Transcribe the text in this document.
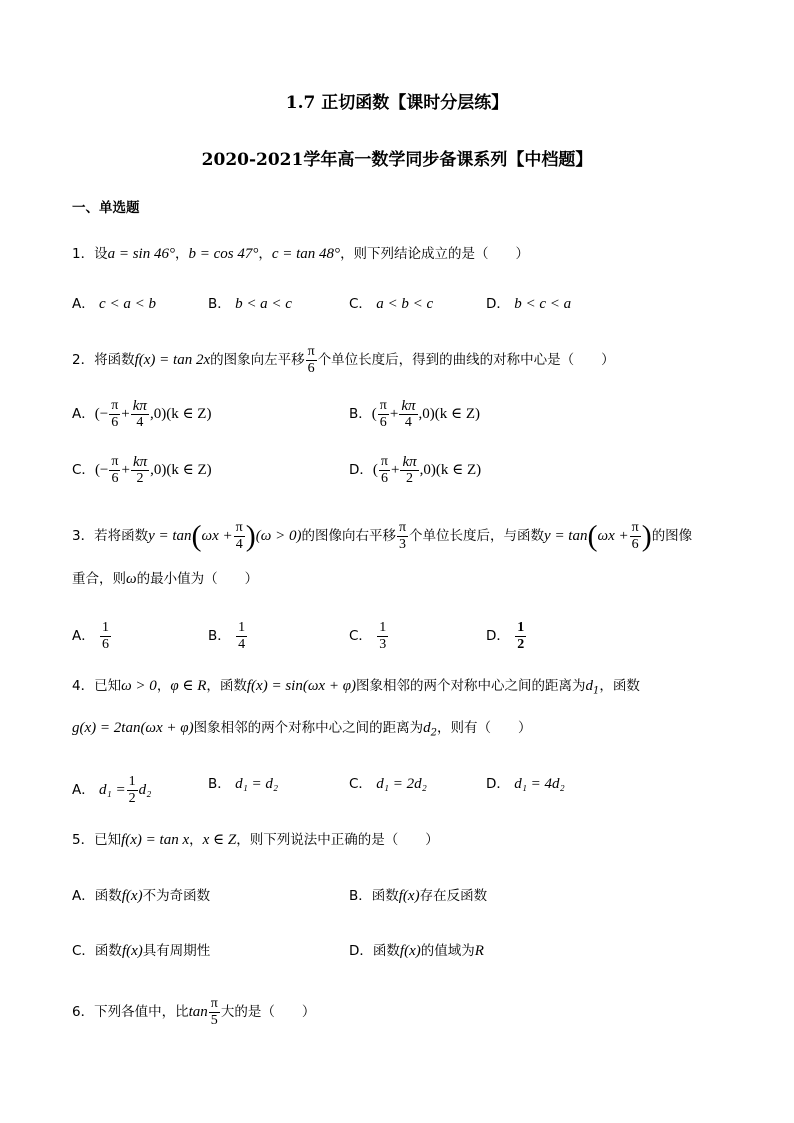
1.7 正切函数【课时分层练】
2020-2021学年高一数学同步备课系列【中档题】
一、单选题
1．设a = sin 46°，b = cos 47°，c = tan 48°，则下列结论成立的是（　　）
A． c < a < b	B． b < a < c	C． a < b < c	D． b < c < a
2．将函数f(x) = tan 2x的图象向左平移 $\frac{\pi}{6}$ 个单位长度后，得到的曲线的对称中心是（　　）
A．(− $\frac{\pi}{6} + \frac{k\pi}{4} ,0)(k$ ∈ Z)	B．( $\frac{\pi}{6} + \frac{k\pi}{4} ,0)(k$ ∈ Z)
C．(− $\frac{\pi}{6} + \frac{k\pi}{2} ,0)(k$ ∈ Z)	D．( $\frac{\pi}{6} + \frac{k\pi}{2} ,0)(k$ ∈ Z)
3．若将函数$y = \tan(\omega x + \frac{\pi}{4} )(\omega > 0)$的图像向右平移 $\frac{\pi}{3}$ 个单位长度后，与函数$y = \tan(\omega x + \frac{\pi}{6}$ )的图像
重合，则ω的最小值为（　　）
A． $\frac{1}{6}$	B． $\frac{1}{4}$	C． $\frac{1}{3}$	D． $\frac{1}{2}$
4．已知ω > 0，φ ∈ R，函数f(x) = sin(ωx + φ)图象相邻的两个对称中心之间的距离为$d_1$，函数
g(x) = 2tan(ωx + φ)图象相邻的两个对称中心之间的距离为$d_2$，则有（　　）
A． $d_1 = \frac{1}{2} d_2$	B． d₁ = d₂	C． d₁ = 2d₂	D． d₁ = 4d₂
5．已知f(x) = tan x，x ∈ Z，则下列说法中正确的是（　　）
A．函数f(x)不为奇函数	B．函数f(x)存在反函数
C．函数f(x)具有周期性	D．函数f(x)的值域为R
6．下列各值中，比$\tan \frac{\pi}{5}$ 大的是（　　）
